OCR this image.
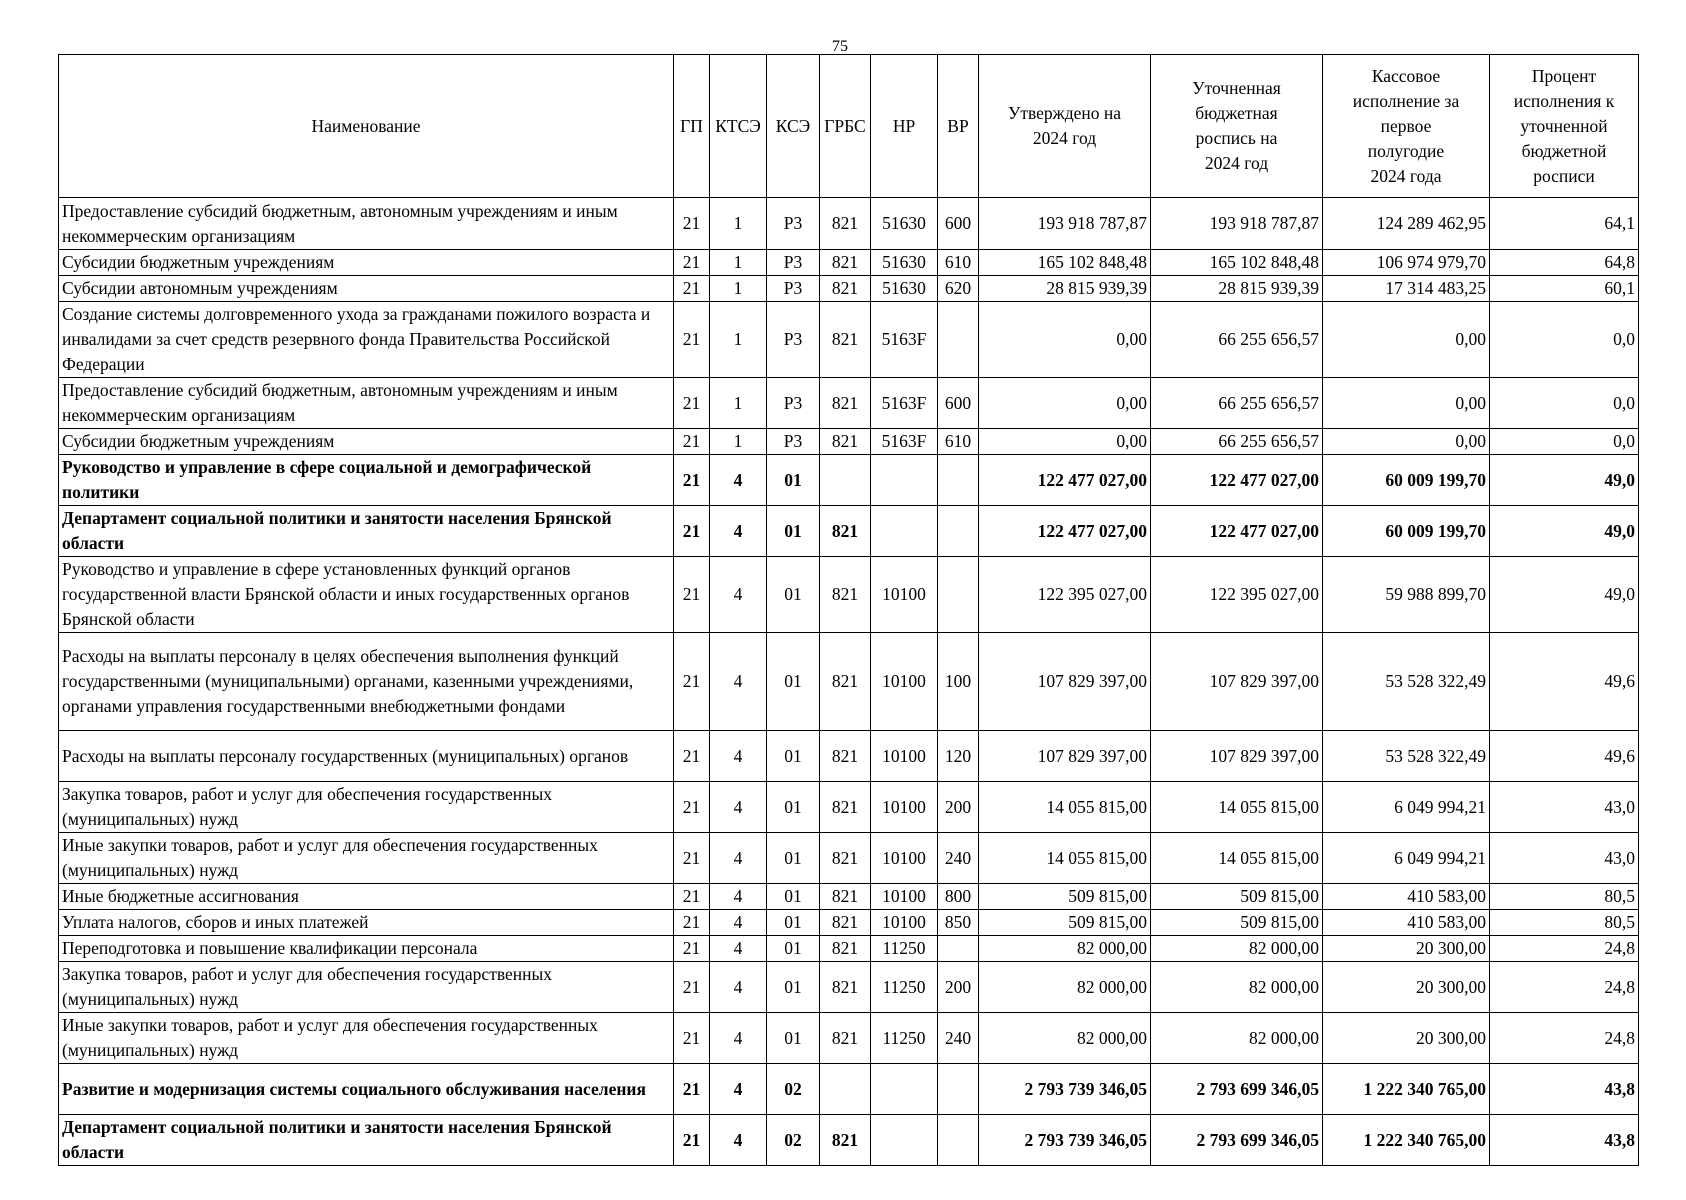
75
Наименование	ГП	КТСЭ	КСЭ	ГРБС	НР	ВР	Утверждено на 2024 год	Уточненная бюджетная роспись на 2024 год	Кассовое исполнение за первое полугодие 2024 года	Процент исполнения к уточненной бюджетной росписи
Предоставление субсидий бюджетным, автономным учреждениям и иным некоммерческим организациям	21	1	Р3	821	51630	600	193 918 787,87	193 918 787,87	124 289 462,95	64,1
Субсидии бюджетным учреждениям	21	1	Р3	821	51630	610	165 102 848,48	165 102 848,48	106 974 979,70	64,8
Субсидии автономным учреждениям	21	1	Р3	821	51630	620	28 815 939,39	28 815 939,39	17 314 483,25	60,1
Создание системы долговременного ухода за гражданами пожилого возраста и инвалидами за счет средств резервного фонда Правительства Российской Федерации	21	1	Р3	821	5163F		0,00	66 255 656,57	0,00	0,0
Предоставление субсидий бюджетным, автономным учреждениям и иным некоммерческим организациям	21	1	Р3	821	5163F	600	0,00	66 255 656,57	0,00	0,0
Субсидии бюджетным учреждениям	21	1	Р3	821	5163F	610	0,00	66 255 656,57	0,00	0,0
Руководство и управление в сфере социальной и демографической политики	21	4	01				122 477 027,00	122 477 027,00	60 009 199,70	49,0
Департамент социальной политики и занятости населения Брянской области	21	4	01	821			122 477 027,00	122 477 027,00	60 009 199,70	49,0
Руководство и управление в сфере установленных функций органов государственной власти Брянской области и иных государственных органов Брянской области	21	4	01	821	10100		122 395 027,00	122 395 027,00	59 988 899,70	49,0
Расходы на выплаты персоналу в целях обеспечения выполнения функций государственными (муниципальными) органами, казенными учреждениями, органами управления государственными внебюджетными фондами	21	4	01	821	10100	100	107 829 397,00	107 829 397,00	53 528 322,49	49,6
Расходы на выплаты персоналу государственных (муниципальных) органов	21	4	01	821	10100	120	107 829 397,00	107 829 397,00	53 528 322,49	49,6
Закупка товаров, работ и услуг для обеспечения государственных (муниципальных) нужд	21	4	01	821	10100	200	14 055 815,00	14 055 815,00	6 049 994,21	43,0
Иные закупки товаров, работ и услуг для обеспечения государственных (муниципальных) нужд	21	4	01	821	10100	240	14 055 815,00	14 055 815,00	6 049 994,21	43,0
Иные бюджетные ассигнования	21	4	01	821	10100	800	509 815,00	509 815,00	410 583,00	80,5
Уплата налогов, сборов и иных платежей	21	4	01	821	10100	850	509 815,00	509 815,00	410 583,00	80,5
Переподготовка и повышение квалификации персонала	21	4	01	821	11250		82 000,00	82 000,00	20 300,00	24,8
Закупка товаров, работ и услуг для обеспечения государственных (муниципальных) нужд	21	4	01	821	11250	200	82 000,00	82 000,00	20 300,00	24,8
Иные закупки товаров, работ и услуг для обеспечения государственных (муниципальных) нужд	21	4	01	821	11250	240	82 000,00	82 000,00	20 300,00	24,8
Развитие и модернизация системы социального обслуживания населения	21	4	02				2 793 739 346,05	2 793 699 346,05	1 222 340 765,00	43,8
Департамент социальной политики и занятости населения Брянской области	21	4	02	821			2 793 739 346,05	2 793 699 346,05	1 222 340 765,00	43,8
